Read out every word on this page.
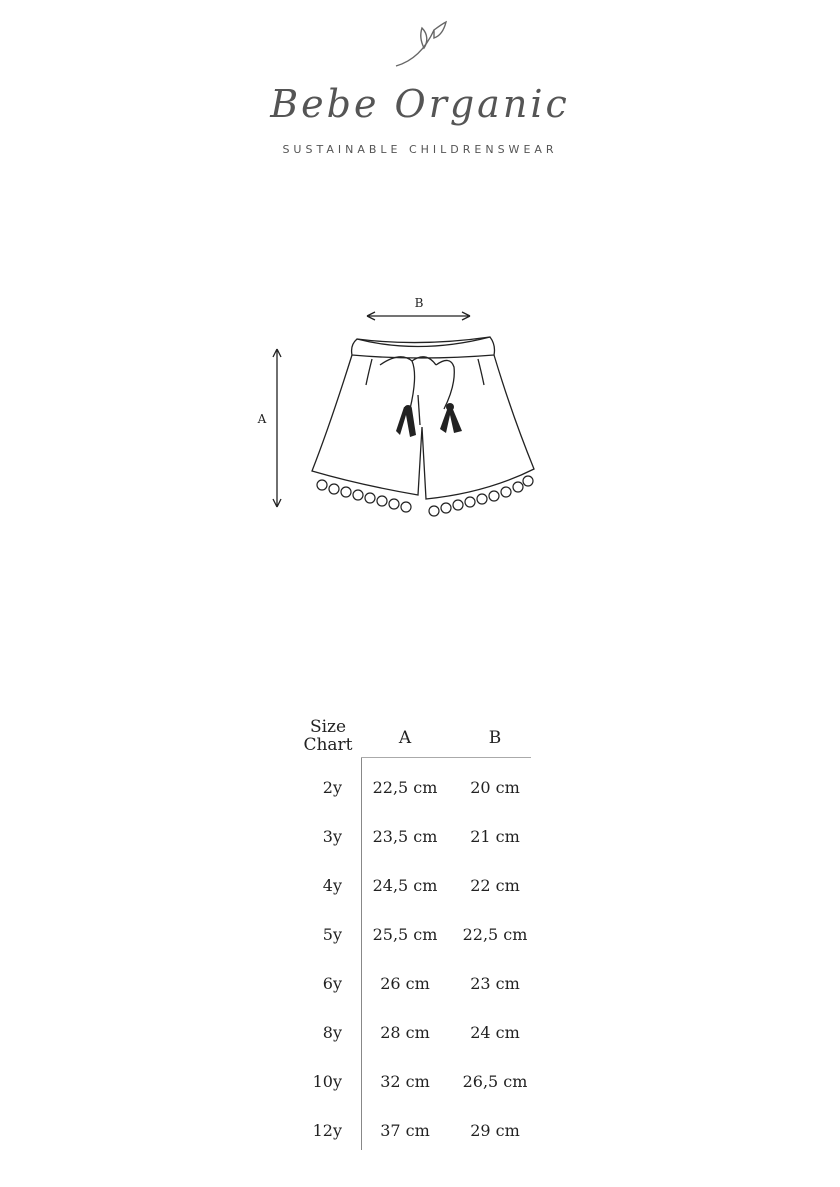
Bebe Organic
SUSTAINABLE CHILDRENSWEAR
B
A
Size
Chart	A	B
2y	22,5 cm	20 cm
3y	23,5 cm	21 cm
4y	24,5 cm	22 cm
5y	25,5 cm	22,5 cm
6y	26 cm	23 cm
8y	28 cm	24 cm
10y	32 cm	26,5 cm
12y	37 cm	29 cm
